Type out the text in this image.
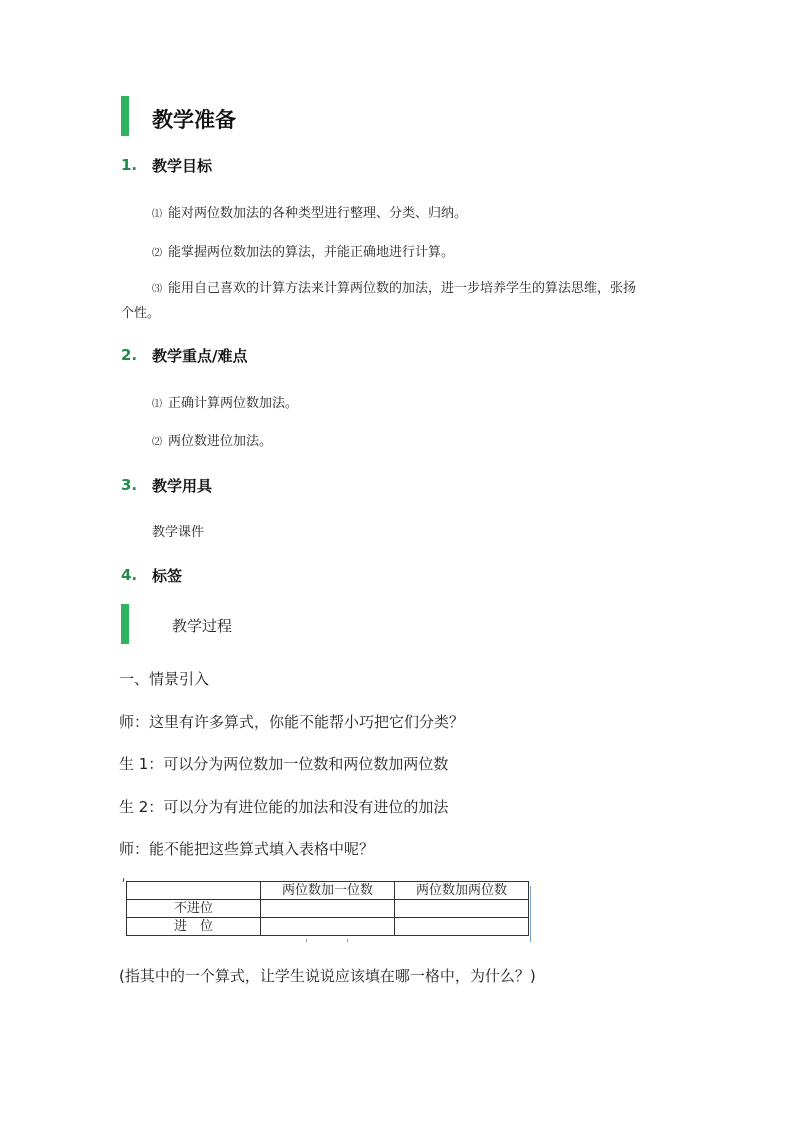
教学准备
1. 教学目标
⑴ 能对两位数加法的各种类型进行整理、分类、归纳。
⑵ 能掌握两位数加法的算法，并能正确地进行计算。
⑶ 能用自己喜欢的计算方法来计算两位数的加法，进一步培养学生的算法思维，张扬个性。
2. 教学重点/难点
⑴ 正确计算两位数加法。
⑵ 两位数进位加法。
3. 教学用具
教学课件
4. 标签
教学过程
一、情景引入
师：这里有许多算式，你能不能帮小巧把它们分类？
生 1：可以分为两位数加一位数和两位数加两位数
生 2：可以分为有进位能的加法和没有进位的加法
师：能不能把这些算式填入表格中呢？
	两位数加一位数	两位数加两位数
不进位		
进　位		
(指其中的一个算式，让学生说说应该填在哪一格中，为什么？)
